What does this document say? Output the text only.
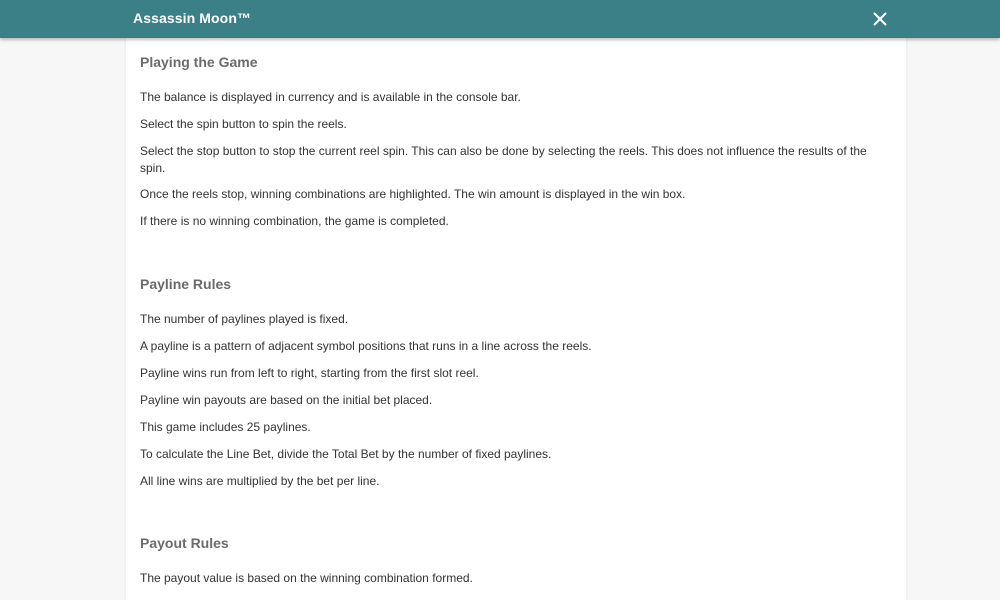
Assassin Moon™
Playing the Game
The balance is displayed in currency and is available in the console bar.
Select the spin button to spin the reels.
Select the stop button to stop the current reel spin. This can also be done by selecting the reels. This does not influence the results of the spin.
Once the reels stop, winning combinations are highlighted. The win amount is displayed in the win box.
If there is no winning combination, the game is completed.
Payline Rules
The number of paylines played is fixed.
A payline is a pattern of adjacent symbol positions that runs in a line across the reels.
Payline wins run from left to right, starting from the first slot reel.
Payline win payouts are based on the initial bet placed.
This game includes 25 paylines.
To calculate the Line Bet, divide the Total Bet by the number of fixed paylines.
All line wins are multiplied by the bet per line.
Payout Rules
The payout value is based on the winning combination formed.
